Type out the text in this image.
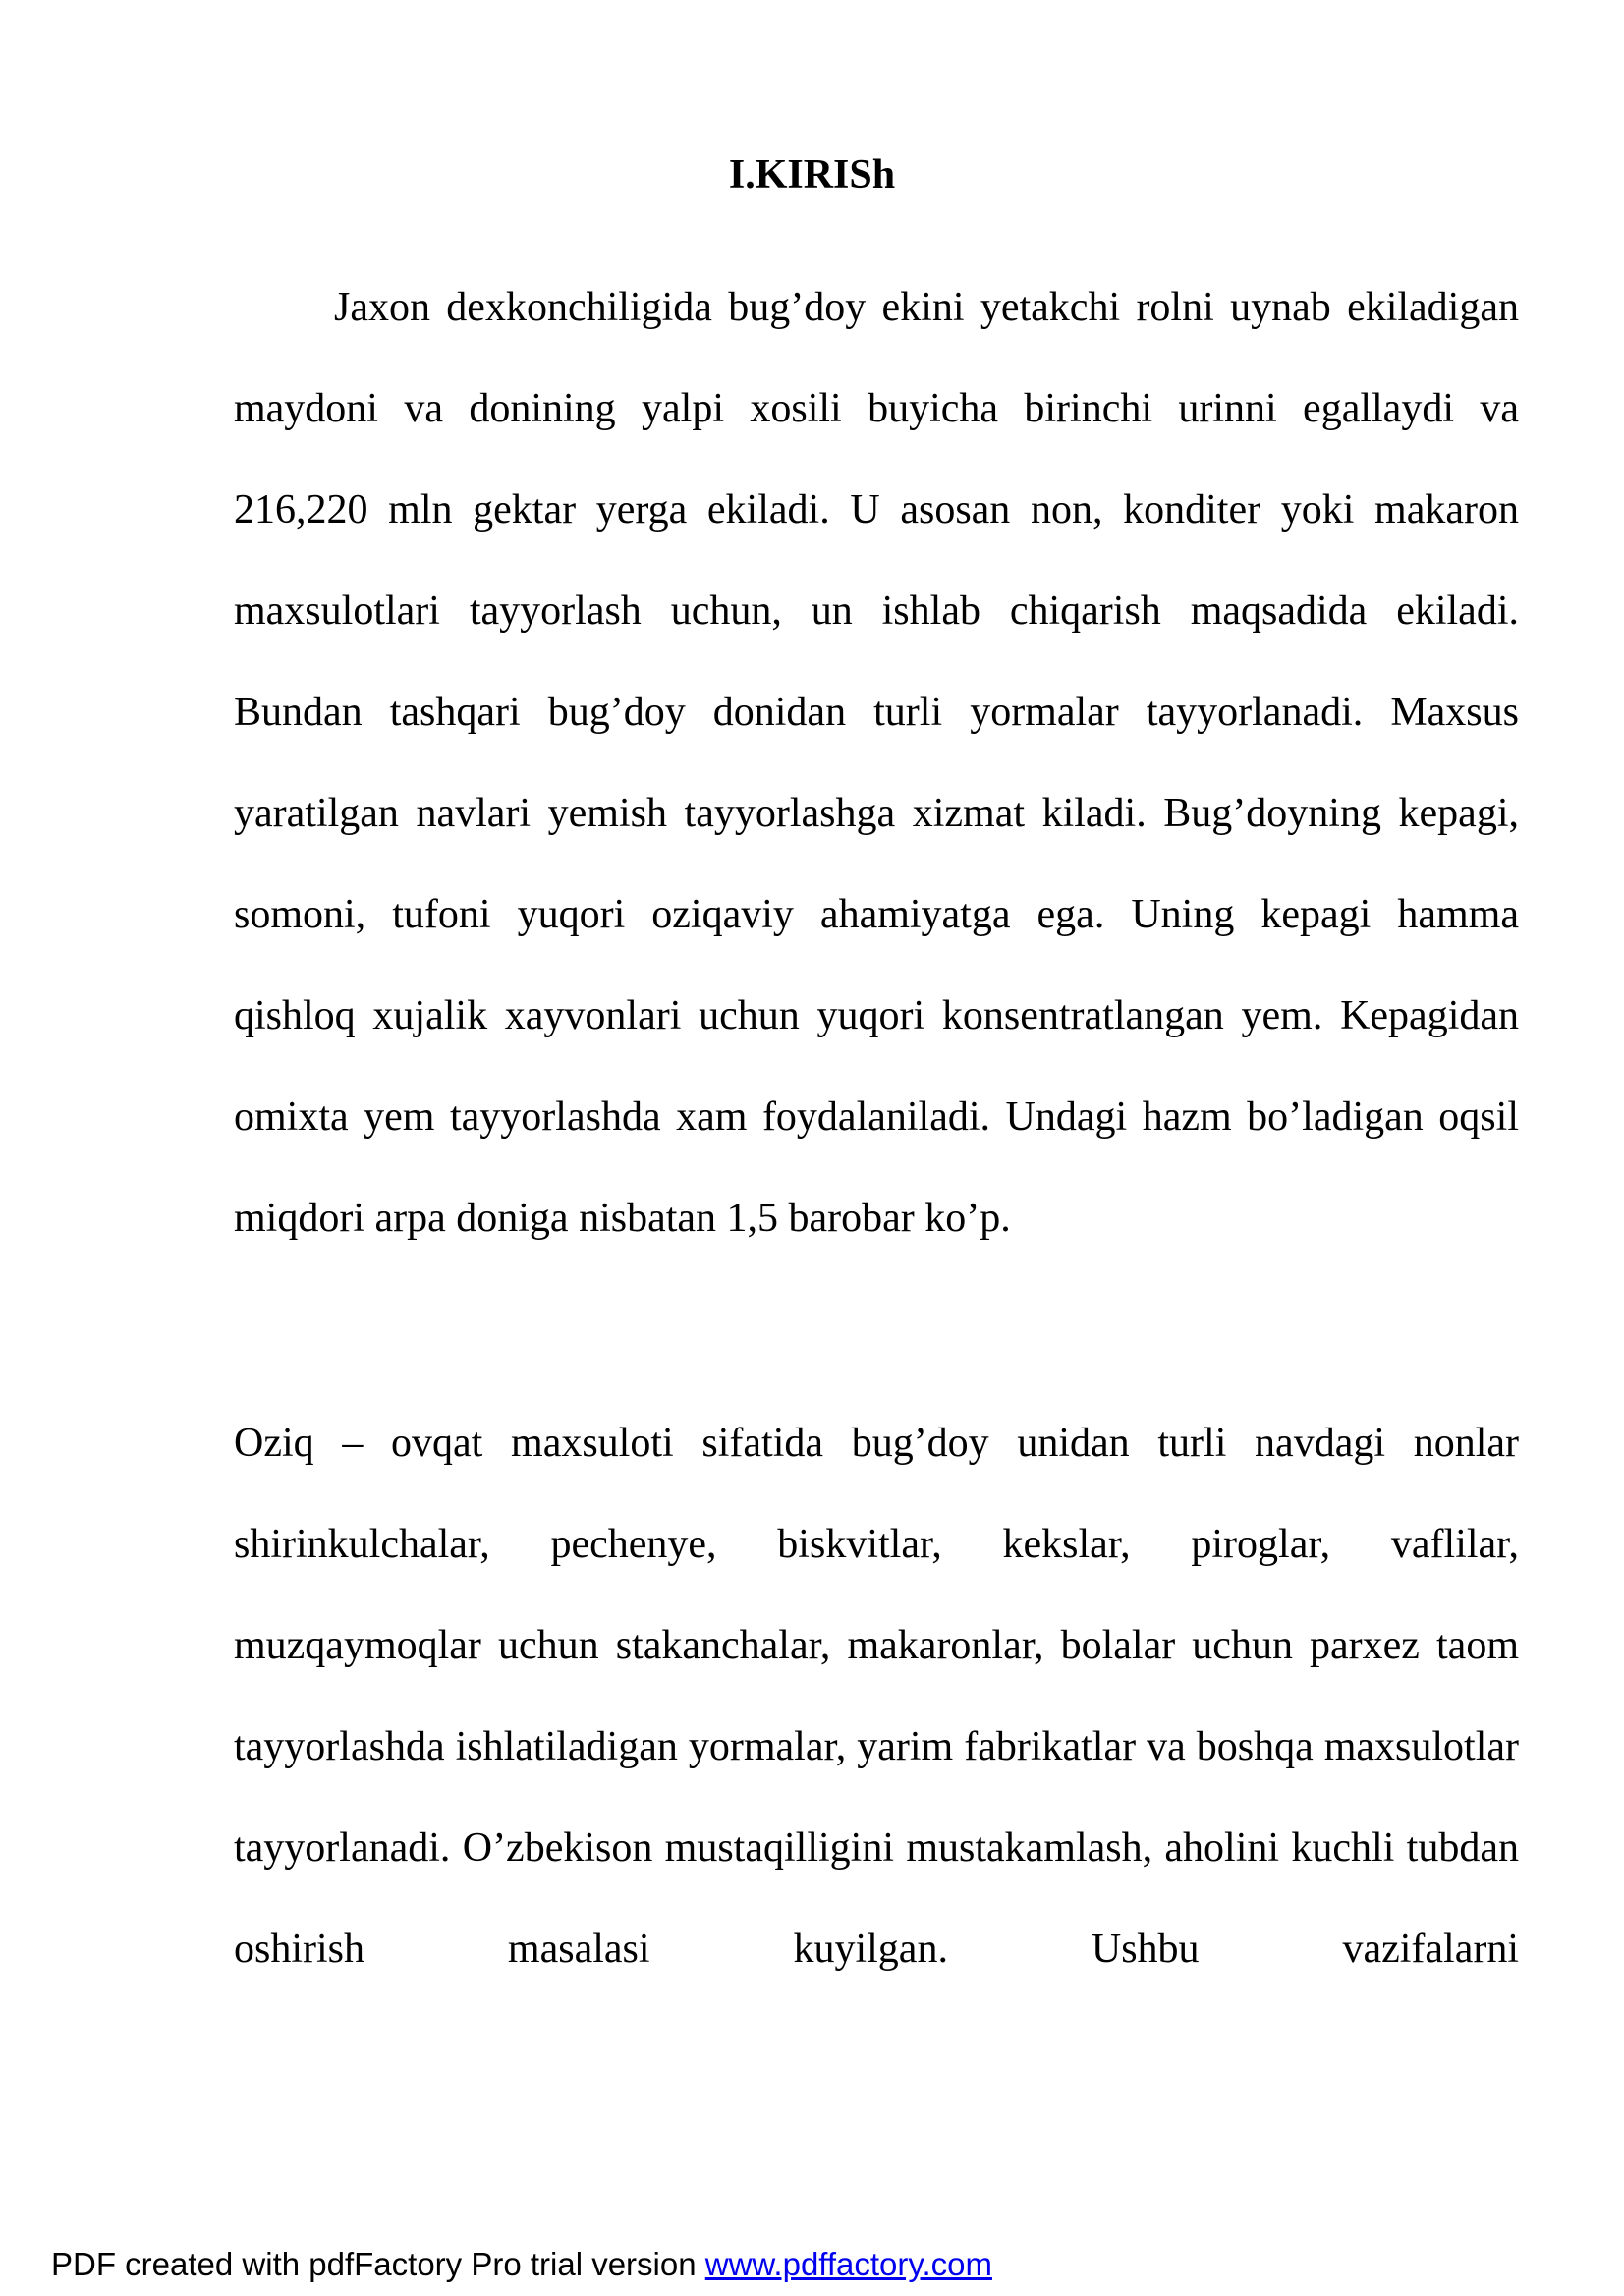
I.KIRISh

Jaxon dexkonchiligida bug’doy ekini yetakchi rolni uynab ekiladigan maydoni va donining yalpi xosili buyicha birinchi urinni egallaydi va 216,220 mln gektar yerga ekiladi. U asosan non, konditer yoki makaron maxsulotlari tayyorlash uchun, un ishlab chiqarish maqsadida ekiladi. Bundan tashqari bug’doy donidan turli yormalar tayyorlanadi. Maxsus yaratilgan navlari yemish tayyorlashga xizmat kiladi. Bug’doyning kepagi, somoni, tufoni yuqori oziqaviy ahamiyatga ega. Uning kepagi hamma qishloq xujalik xayvonlari uchun yuqori konsentratlangan yem. Kepagidan omixta yem tayyorlashda xam foydalaniladi. Undagi hazm bo’ladigan oqsil miqdori arpa doniga nisbatan 1,5 barobar ko’p.

Oziq – ovqat maxsuloti sifatida bug’doy unidan turli navdagi nonlar shirinkulchalar, pechenye, biskvitlar, kekslar, piroglar, vaflilar, muzqaymoqlar uchun stakanchalar, makaronlar, bolalar uchun parxez taom tayyorlashda ishlatiladigan yormalar, yarim fabrikatlar va boshqa maxsulotlar tayyorlanadi. O’zbekison mustaqilligini mustakamlash, aholini kuchli tubdan oshirish masalasi kuyilgan. Ushbu vazifalarni

PDF created with pdfFactory Pro trial version www.pdffactory.com
